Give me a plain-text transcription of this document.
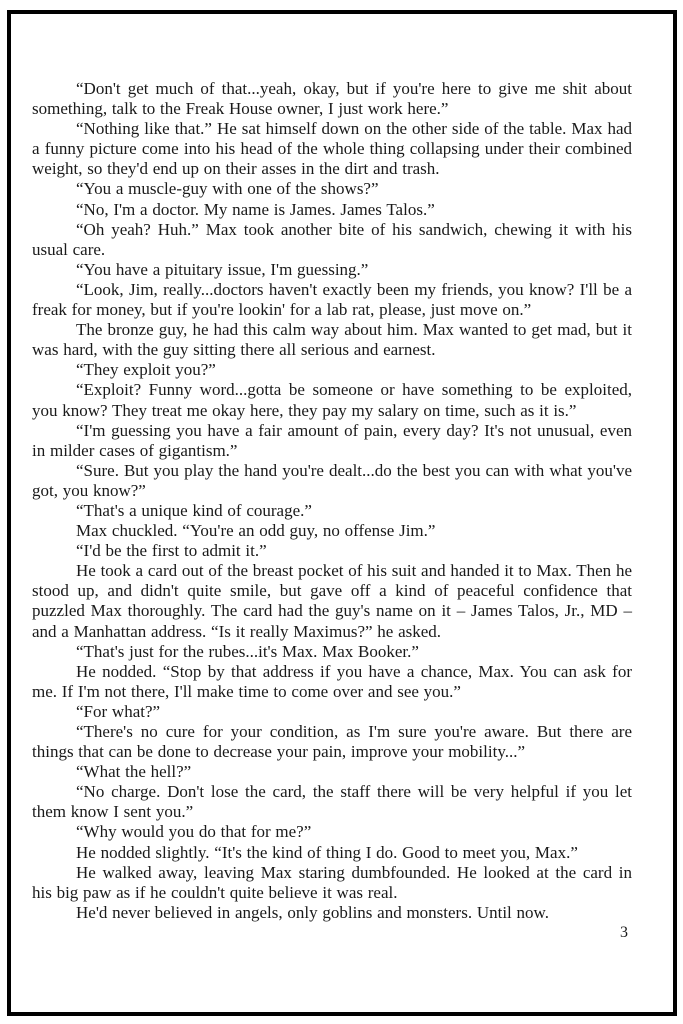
“Don't get much of that...yeah, okay, but if you're here to give me shit about something, talk to the Freak House owner, I just work here.”

“Nothing like that.” He sat himself down on the other side of the table. Max had a funny picture come into his head of the whole thing collapsing under their combined weight, so they'd end up on their asses in the dirt and trash.

“You a muscle-guy with one of the shows?”

“No, I'm a doctor. My name is James. James Talos.”

“Oh yeah? Huh.” Max took another bite of his sandwich, chewing it with his usual care.

“You have a pituitary issue, I'm guessing.”

“Look, Jim, really...doctors haven't exactly been my friends, you know? I'll be a freak for money, but if you're lookin' for a lab rat, please, just move on.”

The bronze guy, he had this calm way about him. Max wanted to get mad, but it was hard, with the guy sitting there all serious and earnest.

“They exploit you?”

“Exploit? Funny word...gotta be someone or have something to be exploited, you know? They treat me okay here, they pay my salary on time, such as it is.”

“I'm guessing you have a fair amount of pain, every day? It's not unusual, even in milder cases of gigantism.”

“Sure. But you play the hand you're dealt...do the best you can with what you've got, you know?”

“That's a unique kind of courage.”

Max chuckled. “You're an odd guy, no offense Jim.”

“I'd be the first to admit it.”

He took a card out of the breast pocket of his suit and handed it to Max. Then he stood up, and didn't quite smile, but gave off a kind of peaceful confidence that puzzled Max thoroughly. The card had the guy's name on it – James Talos, Jr., MD – and a Manhattan address. “Is it really Maximus?” he asked.

“That's just for the rubes...it's Max. Max Booker.”

He nodded. “Stop by that address if you have a chance, Max. You can ask for me. If I'm not there, I'll make time to come over and see you.”

“For what?”

“There's no cure for your condition, as I'm sure you're aware. But there are things that can be done to decrease your pain, improve your mobility...”

“What the hell?”

“No charge. Don't lose the card, the staff there will be very helpful if you let them know I sent you.”

“Why would you do that for me?”

He nodded slightly. “It's the kind of thing I do. Good to meet you, Max.”

He walked away, leaving Max staring dumbfounded. He looked at the card in his big paw as if he couldn't quite believe it was real.

He'd never believed in angels, only goblins and monsters. Until now.

3
